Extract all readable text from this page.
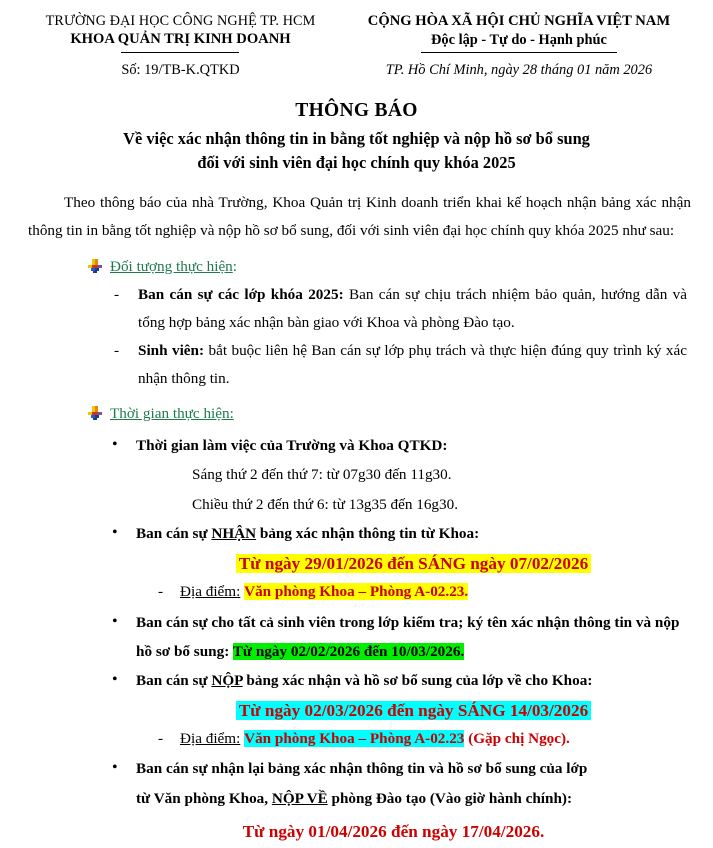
TRƯỜNG ĐẠI HỌC CÔNG NGHỆ TP. HCM
KHOA QUẢN TRỊ KINH DOANH
Số: 19/TB-K.QTKD
CỘNG HÒA XÃ HỘI CHỦ NGHĨA VIỆT NAM
Độc lập - Tự do - Hạnh phúc
TP. Hồ Chí Minh, ngày 28 tháng 01 năm 2026
THÔNG BÁO
Về việc xác nhận thông tin in bằng tốt nghiệp và nộp hồ sơ bổ sung
đối với sinh viên đại học chính quy khóa 2025

Theo thông báo của nhà Trường, Khoa Quản trị Kinh doanh triển khai kế hoạch nhận bảng xác nhận thông tin in bằng tốt nghiệp và nộp hồ sơ bổ sung, đối với sinh viên đại học chính quy khóa 2025 như sau:

Đối tượng thực hiện:
- Ban cán sự các lớp khóa 2025: Ban cán sự chịu trách nhiệm bảo quản, hướng dẫn và tổng hợp bảng xác nhận bàn giao với Khoa và phòng Đào tạo.
- Sinh viên: bắt buộc liên hệ Ban cán sự lớp phụ trách và thực hiện đúng quy trình ký xác nhận thông tin.
Thời gian thực hiện:
• Thời gian làm việc của Trường và Khoa QTKD:
Sáng thứ 2 đến thứ 7: từ 07g30 đến 11g30.
Chiều thứ 2 đến thứ 6: từ 13g35 đến 16g30.
• Ban cán sự NHẬN bảng xác nhận thông tin từ Khoa:
Từ ngày 29/01/2026 đến SÁNG ngày 07/02/2026
- Địa điểm: Văn phòng Khoa – Phòng A-02.23.
• Ban cán sự cho tất cả sinh viên trong lớp kiểm tra; ký tên xác nhận thông tin và nộp hồ sơ bổ sung: Từ ngày 02/02/2026 đến 10/03/2026.
• Ban cán sự NỘP bảng xác nhận và hồ sơ bổ sung của lớp về cho Khoa:
Từ ngày 02/03/2026 đến ngày SÁNG 14/03/2026
- Địa điểm: Văn phòng Khoa – Phòng A-02.23 (Gặp chị Ngọc).
• Ban cán sự nhận lại bảng xác nhận thông tin và hồ sơ bổ sung của lớp
từ Văn phòng Khoa, NỘP VỀ phòng Đào tạo (Vào giờ hành chính):
Từ ngày 01/04/2026 đến ngày 17/04/2026.
